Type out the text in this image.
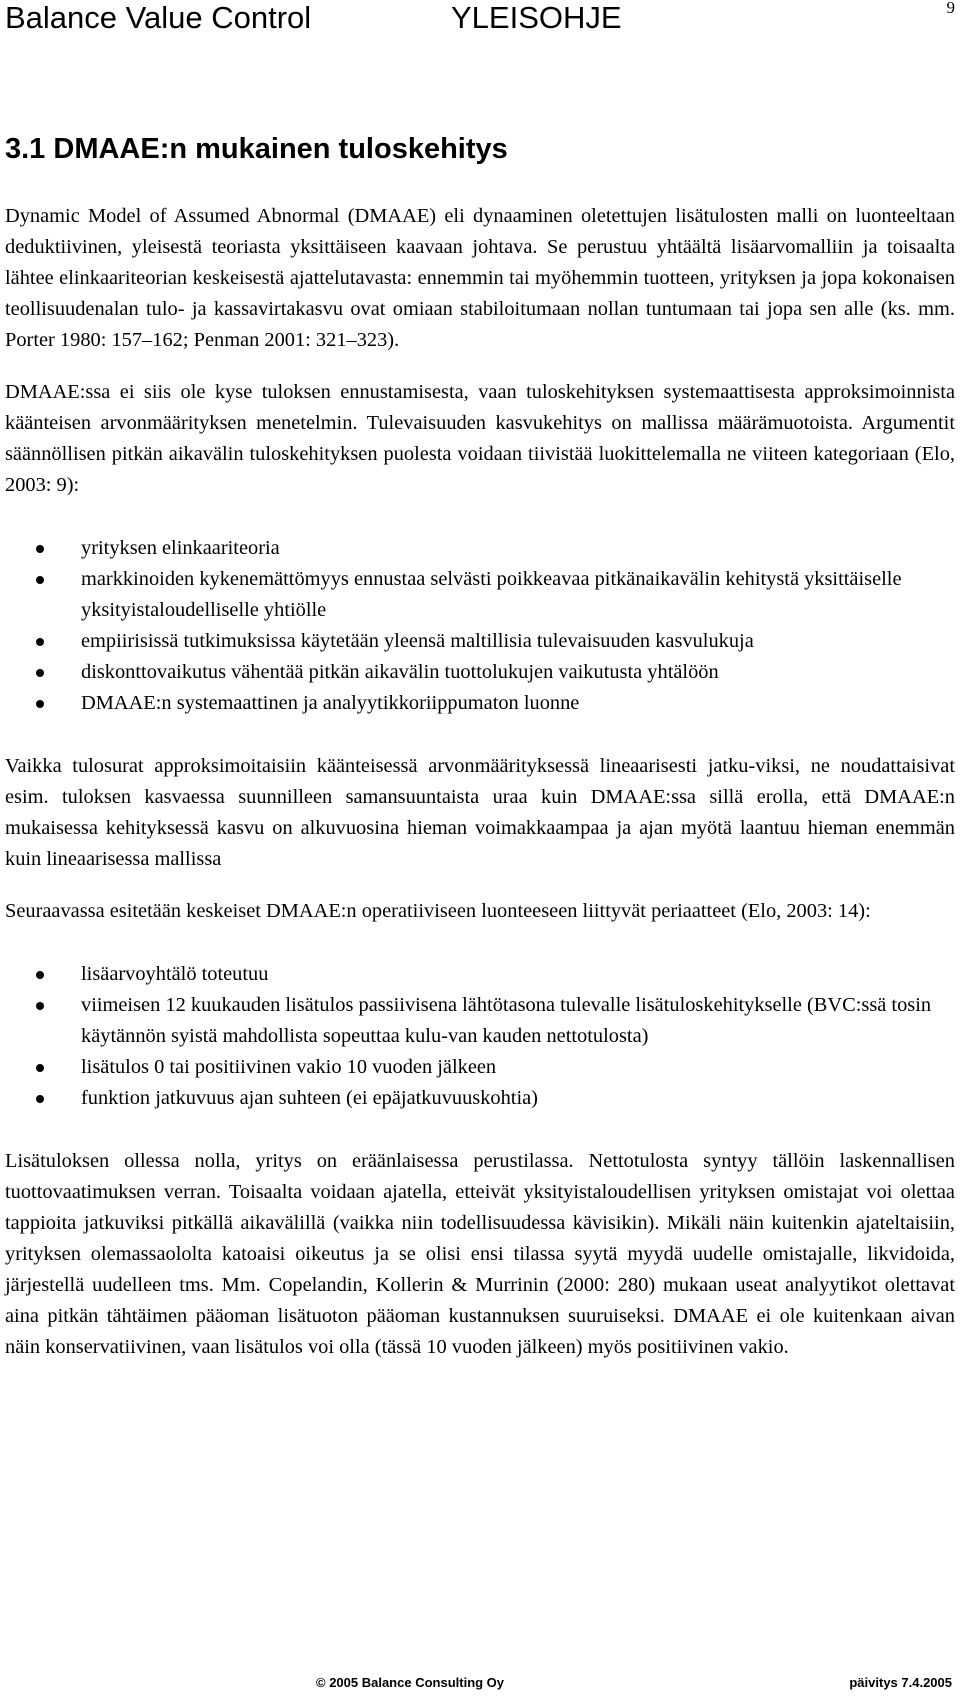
Balance Value Control	YLEISOHJE	9
3.1 DMAAE:n mukainen tuloskehitys

Dynamic Model of Assumed Abnormal (DMAAE) eli dynaaminen oletettujen lisätulosten malli on luonteeltaan deduktiivinen, yleisestä teoriasta yksittäiseen kaavaan johtava. Se perustuu yhtäältä lisäarvomalliin ja toisaalta lähtee elinkaariteorian keskeisestä ajattelutavasta: ennemmin tai myöhemmin tuotteen, yrityksen ja jopa kokonaisen teollisuudenalan tulo- ja kassavirtakasvu ovat omiaan stabiloitumaan nollan tuntumaan tai jopa sen alle (ks. mm. Porter 1980: 157–162; Penman 2001: 321–323).

DMAAE:ssa ei siis ole kyse tuloksen ennustamisesta, vaan tuloskehityksen systemaattisesta approksimoinnista käänteisen arvonmäärityksen menetelmin. Tulevaisuuden kasvukehitys on mallissa määrämuotoista. Argumentit säännöllisen pitkän aikavälin tuloskehityksen puolesta voidaan tiivistää luokittelemalla ne viiteen kategoriaan (Elo, 2003: 9):

yrityksen elinkaariteoria
markkinoiden kykenemättömyys ennustaa selvästi poikkeavaa pitkänaikavälin kehitystä yksittäiselle yksityistaloudelliselle yhtiölle
empiirisissä tutkimuksissa käytetään yleensä maltillisia tulevaisuuden kasvulukuja
diskonttovaikutus vähentää pitkän aikavälin tuottolukujen vaikutusta yhtälöön
DMAAE:n systemaattinen ja analyytikkoriippumaton luonne

Vaikka tulosurat approksimoitaisiin käänteisessä arvonmäärityksessä lineaarisesti jatku-viksi, ne noudattaisivat esim. tuloksen kasvaessa suunnilleen samansuuntaista uraa kuin DMAAE:ssa sillä erolla, että DMAAE:n mukaisessa kehityksessä kasvu on alkuvuosina hieman voimakkaampaa ja ajan myötä laantuu hieman enemmän kuin lineaarisessa mallissa

Seuraavassa esitetään keskeiset DMAAE:n operatiiviseen luonteeseen liittyvät periaatteet (Elo, 2003: 14):

lisäarvoyhtälö toteutuu
viimeisen 12 kuukauden lisätulos passiivisena lähtötasona tulevalle lisätuloskehitykselle (BVC:ssä tosin käytännön syistä mahdollista sopeuttaa kulu-van kauden nettotulosta)
lisätulos 0 tai positiivinen vakio 10 vuoden jälkeen
funktion jatkuvuus ajan suhteen (ei epäjatkuvuuskohtia)

Lisätuloksen ollessa nolla, yritys on eräänlaisessa perustilassa. Nettotulosta syntyy tällöin laskennallisen tuottovaatimuksen verran. Toisaalta voidaan ajatella, etteivät yksityistaloudellisen yrityksen omistajat voi olettaa tappioita jatkuviksi pitkällä aikavälillä (vaikka niin todellisuudessa kävisikin). Mikäli näin kuitenkin ajateltaisiin, yrityksen olemassaololta katoaisi oikeutus ja se olisi ensi tilassa syytä myydä uudelle omistajalle, likvidoida, järjestellä uudelleen tms. Mm. Copelandin, Kollerin & Murrinin (2000: 280) mukaan useat analyytikot olettavat aina pitkän tähtäimen pääoman lisätuoton pääoman kustannuksen suuruiseksi. DMAAE ei ole kuitenkaan aivan näin konservatiivinen, vaan lisätulos voi olla (tässä 10 vuoden jälkeen) myös positiivinen vakio.

© 2005 Balance Consulting Oy	päivitys 7.4.2005
